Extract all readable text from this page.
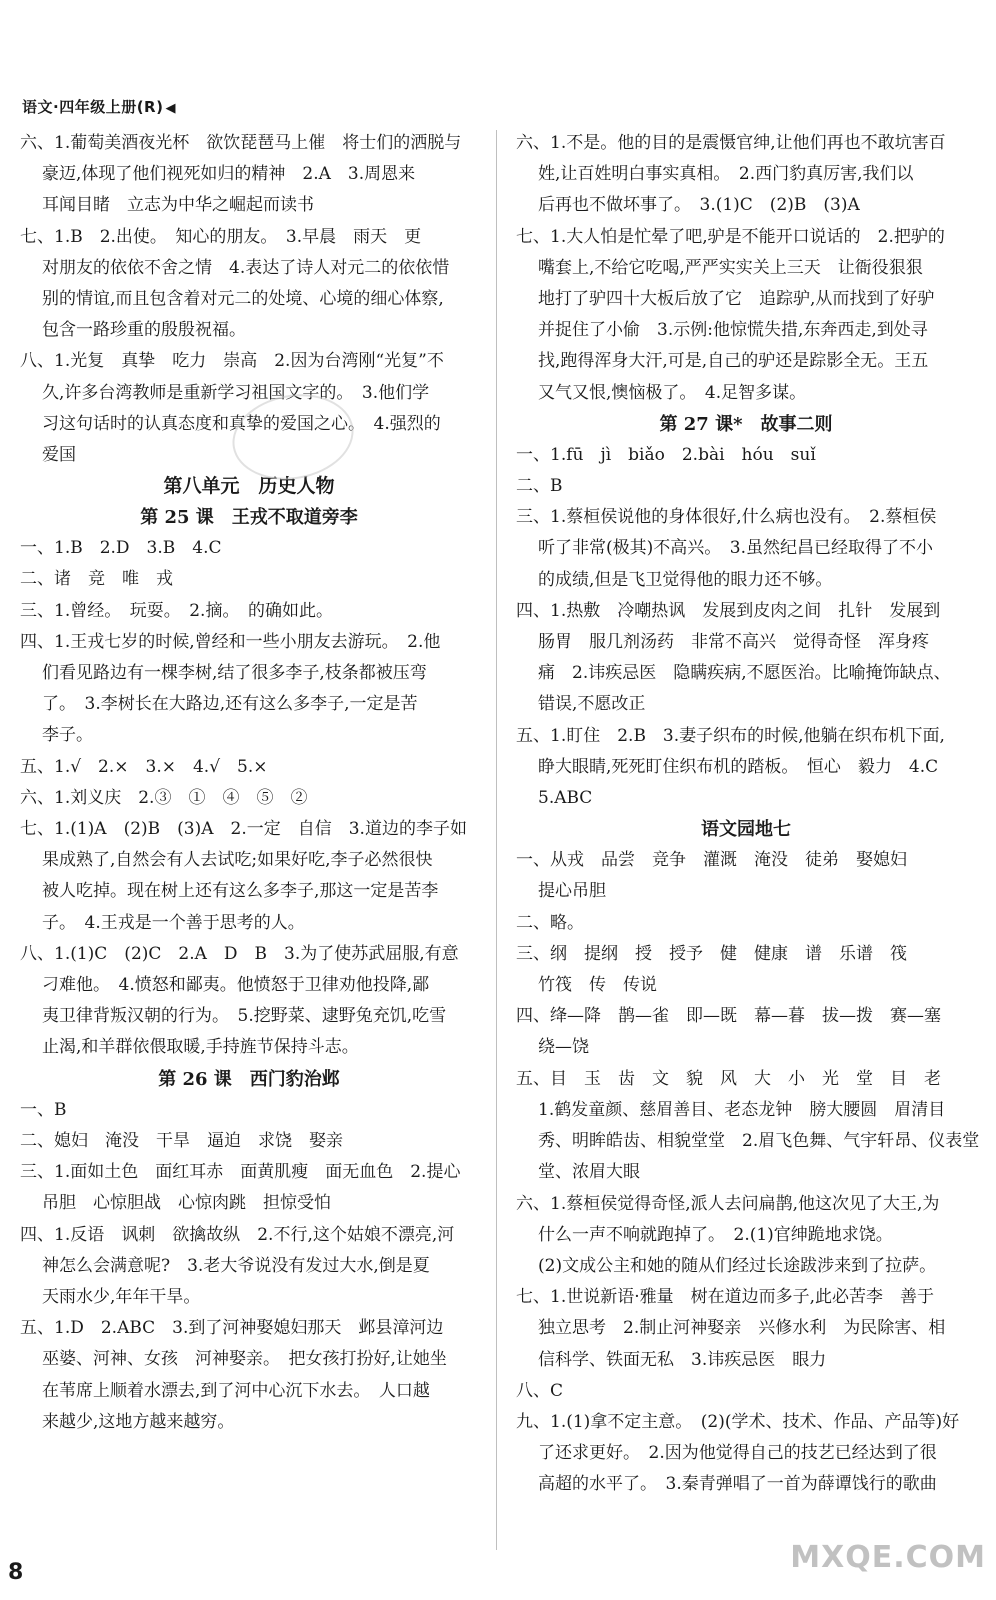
语文·四年级上册(R) ◀

六、1.葡萄美酒夜光杯　欲饮琵琶马上催　将士们的洒脱与

豪迈,体现了他们视死如归的精神　2.A　3.周恩来

耳闻目睹　立志为中华之崛起而读书

七、1.B　2.出使。　知心的朋友。　3.早晨　雨天　更

对朋友的依依不舍之情　4.表达了诗人对元二的依依惜

别的情谊,而且包含着对元二的处境、心境的细心体察,

包含一路珍重的殷殷祝福。

八、1.光复　真挚　吃力　崇高　2.因为台湾刚“光复”不

久,许多台湾教师是重新学习祖国文字的。　3.他们学

习这句话时的认真态度和真挚的爱国之心。　4.强烈的

爱国

第八单元　历史人物

第 25 课　王戎不取道旁李

一、1.B　2.D　3.B　4.C

二、诸　竞　唯　戎

三、1.曾经。　玩耍。　2.摘。　的确如此。

四、1.王戎七岁的时候,曾经和一些小朋友去游玩。　2.他

们看见路边有一棵李树,结了很多李子,枝条都被压弯

了。　3.李树长在大路边,还有这么多李子,一定是苦

李子。

五、1.√　2.×　3.×　4.√　5.×

六、1.刘义庆　2.③　①　④　⑤　②

七、1.(1)A　(2)B　(3)A　2.一定　自信　3.道边的李子如

果成熟了,自然会有人去试吃;如果好吃,李子必然很快

被人吃掉。现在树上还有这么多李子,那这一定是苦李

子。　4.王戎是一个善于思考的人。

八、1.(1)C　(2)C　2.A　D　B　3.为了使苏武屈服,有意

刁难他。　4.愤怒和鄙夷。他愤怒于卫律劝他投降,鄙

夷卫律背叛汉朝的行为。　5.挖野菜、逮野兔充饥,吃雪

止渴,和羊群依偎取暖,手持旌节保持斗志。

第 26 课　西门豹治邺

一、B

二、媳妇　淹没　干旱　逼迫　求饶　娶亲

三、1.面如土色　面红耳赤　面黄肌瘦　面无血色　2.提心

吊胆　心惊胆战　心惊肉跳　担惊受怕

四、1.反语　讽刺　欲擒故纵　2.不行,这个姑娘不漂亮,河

神怎么会满意呢?　3.老大爷说没有发过大水,倒是夏

天雨水少,年年干旱。

五、1.D　2.ABC　3.到了河神娶媳妇那天　邺县漳河边

巫婆、河神、女孩　河神娶亲。　把女孩打扮好,让她坐

在苇席上顺着水漂去,到了河中心沉下水去。　人口越

来越少,这地方越来越穷。

六、1.不是。他的目的是震慑官绅,让他们再也不敢坑害百

姓,让百姓明白事实真相。　2.西门豹真厉害,我们以

后再也不做坏事了。　3.(1)C　(2)B　(3)A

七、1.大人怕是忙晕了吧,驴是不能开口说话的　2.把驴的

嘴套上,不给它吃喝,严严实实关上三天　让衙役狠狠

地打了驴四十大板后放了它　追踪驴,从而找到了好驴

并捉住了小偷　3.示例:他惊慌失措,东奔西走,到处寻

找,跑得浑身大汗,可是,自己的驴还是踪影全无。王五

又气又恨,懊恼极了。　4.足智多谋。

第 27 课*　故事二则

一、1.fū　jì　biǎo　2.bài　hóu　suǐ

二、B

三、1.蔡桓侯说他的身体很好,什么病也没有。　2.蔡桓侯

听了非常(极其)不高兴。　3.虽然纪昌已经取得了不小

的成绩,但是飞卫觉得他的眼力还不够。

四、1.热敷　冷嘲热讽　发展到皮肉之间　扎针　发展到

肠胃　服几剂汤药　非常不高兴　觉得奇怪　浑身疼

痛　2.讳疾忌医　隐瞒疾病,不愿医治。比喻掩饰缺点、

错误,不愿改正

五、1.盯住　2.B　3.妻子织布的时候,他躺在织布机下面,

睁大眼睛,死死盯住织布机的踏板。　恒心　毅力　4.C

5.ABC

语文园地七

一、从戎　品尝　竞争　灌溉　淹没　徒弟　娶媳妇

提心吊胆

二、略。

三、纲　提纲　授　授予　健　健康　谱　乐谱　筏

竹筏　传　传说

四、绛—降　鹊—雀　即—既　幕—暮　拔—拨　赛—塞

绕—饶

五、目　玉　齿　文　貌　风　大　小　光　堂　目　老

1.鹤发童颜、慈眉善目、老态龙钟　膀大腰圆　眉清目

秀、明眸皓齿、相貌堂堂　2.眉飞色舞、气宇轩昂、仪表堂

堂、浓眉大眼

六、1.蔡桓侯觉得奇怪,派人去问扁鹊,他这次见了大王,为

什么一声不响就跑掉了。　2.(1)官绅跪地求饶。

(2)文成公主和她的随从们经过长途跋涉来到了拉萨。

七、1.世说新语·雅量　树在道边而多子,此必苦李　善于

独立思考　2.制止河神娶亲　兴修水利　为民除害、相

信科学、铁面无私　3.讳疾忌医　眼力

八、C

九、1.(1)拿不定主意。　(2)(学术、技术、作品、产品等)好

了还求更好。　2.因为他觉得自己的技艺已经达到了很

高超的水平了。　3.秦青弹唱了一首为薛谭饯行的歌曲

8	MXQE.COM
